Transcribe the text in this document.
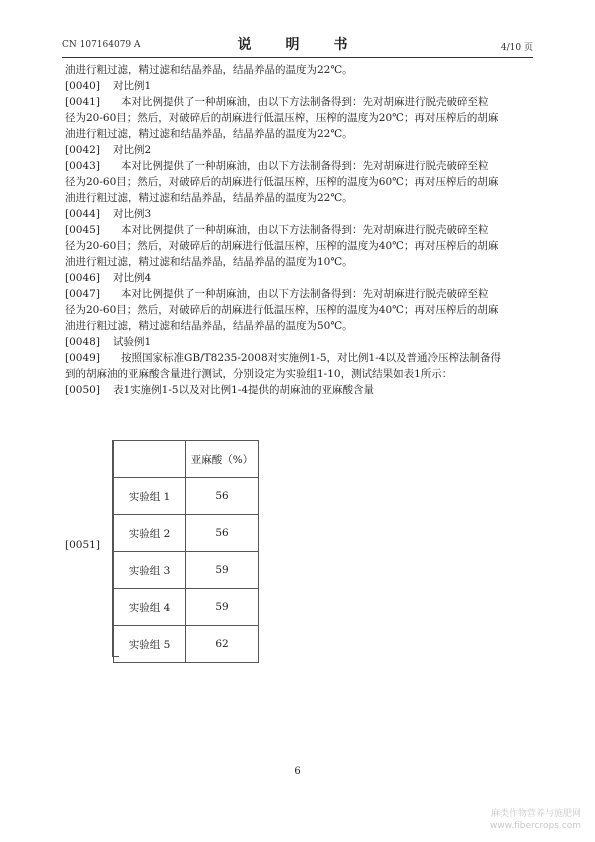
CN 107164079 A	说　明　书	4/10 页
油进行粗过滤，精过滤和结晶养晶，结晶养晶的温度为22℃。
[0040] 对比例1
[0041] 本对比例提供了一种胡麻油，由以下方法制备得到：先对胡麻进行脱壳破碎至粒
径为20-60目；然后，对破碎后的胡麻进行低温压榨，压榨的温度为20℃；再对压榨后的胡麻
油进行粗过滤，精过滤和结晶养晶，结晶养晶的温度为22℃。
[0042] 对比例2
[0043] 本对比例提供了一种胡麻油，由以下方法制备得到：先对胡麻进行脱壳破碎至粒
径为20-60目；然后，对破碎后的胡麻进行低温压榨，压榨的温度为60℃；再对压榨后的胡麻
油进行粗过滤，精过滤和结晶养晶，结晶养晶的温度为22℃。
[0044] 对比例3
[0045] 本对比例提供了一种胡麻油，由以下方法制备得到：先对胡麻进行脱壳破碎至粒
径为20-60目；然后，对破碎后的胡麻进行低温压榨，压榨的温度为40℃；再对压榨后的胡麻
油进行粗过滤，精过滤和结晶养晶，结晶养晶的温度为10℃。
[0046] 对比例4
[0047] 本对比例提供了一种胡麻油，由以下方法制备得到：先对胡麻进行脱壳破碎至粒
径为20-60目；然后，对破碎后的胡麻进行低温压榨，压榨的温度为40℃；再对压榨后的胡麻
油进行粗过滤，精过滤和结晶养晶，结晶养晶的温度为50℃。
[0048] 试验例1
[0049] 按照国家标准GB/T8235-2008对实施例1-5，对比例1-4以及普通冷压榨法制备得
到的胡麻油的亚麻酸含量进行测试，分别设定为实验组1-10，测试结果如表1所示：
[0050] 表1实施例1-5以及对比例1-4提供的胡麻油的亚麻酸含量
[0051]
	亚麻酸（%）
实验组 1	56
实验组 2	56
实验组 3	59
实验组 4	59
实验组 5	62
6
麻类作物营养与施肥网
www.fibercrops.com
